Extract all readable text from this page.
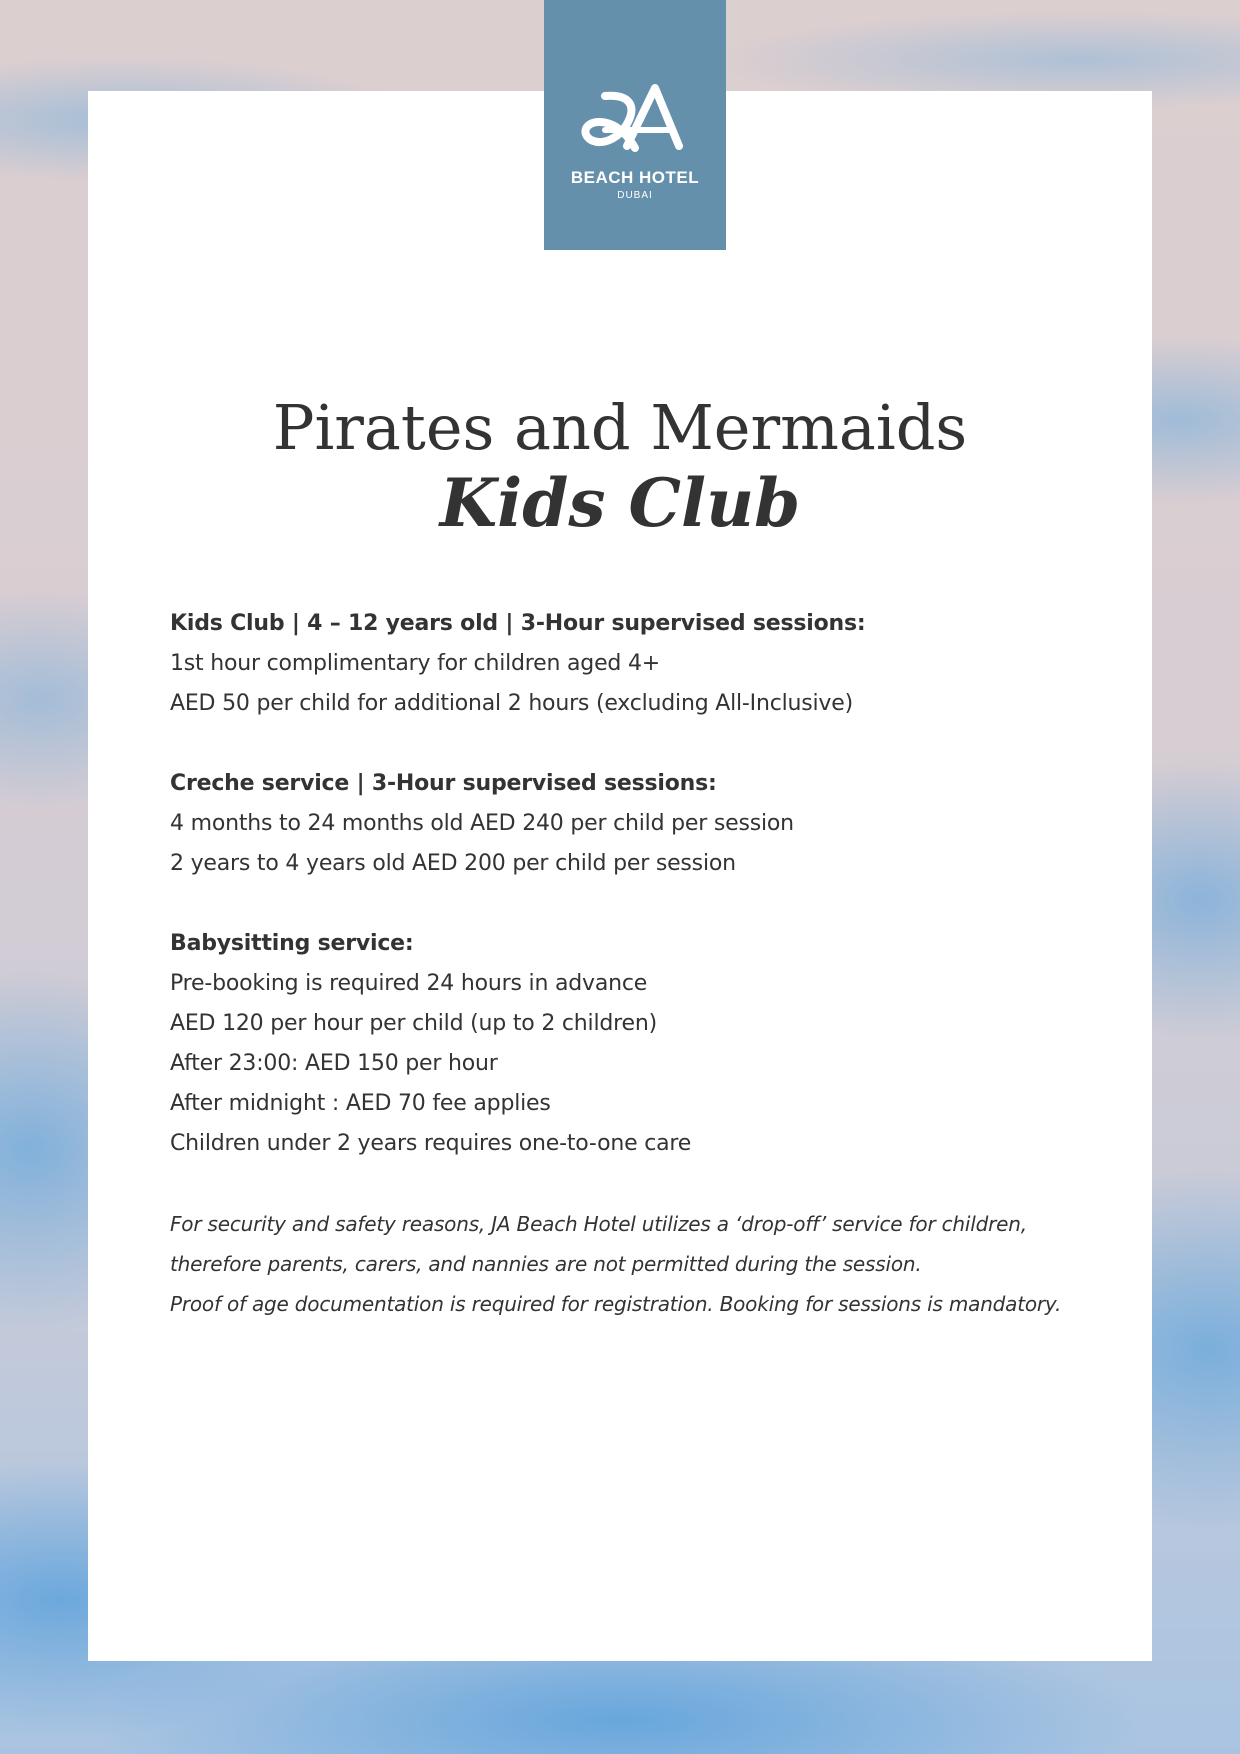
BEACH HOTEL
DUBAI
Pirates and Mermaids
Kids Club
Kids Club | 4 – 12 years old | 3-Hour supervised sessions:
1st hour complimentary for children aged 4+
AED 50 per child for additional 2 hours (excluding All-Inclusive)
Creche service | 3-Hour supervised sessions:
4 months to 24 months old AED 240 per child per session
2 years to 4 years old AED 200 per child per session
Babysitting service:
Pre-booking is required 24 hours in advance
AED 120 per hour per child (up to 2 children)
After 23:00: AED 150 per hour
After midnight : AED 70 fee applies
Children under 2 years requires one-to-one care
For security and safety reasons, JA Beach Hotel utilizes a ‘drop-off’ service for children,
therefore parents, carers, and nannies are not permitted during the session.
Proof of age documentation is required for registration. Booking for sessions is mandatory.
